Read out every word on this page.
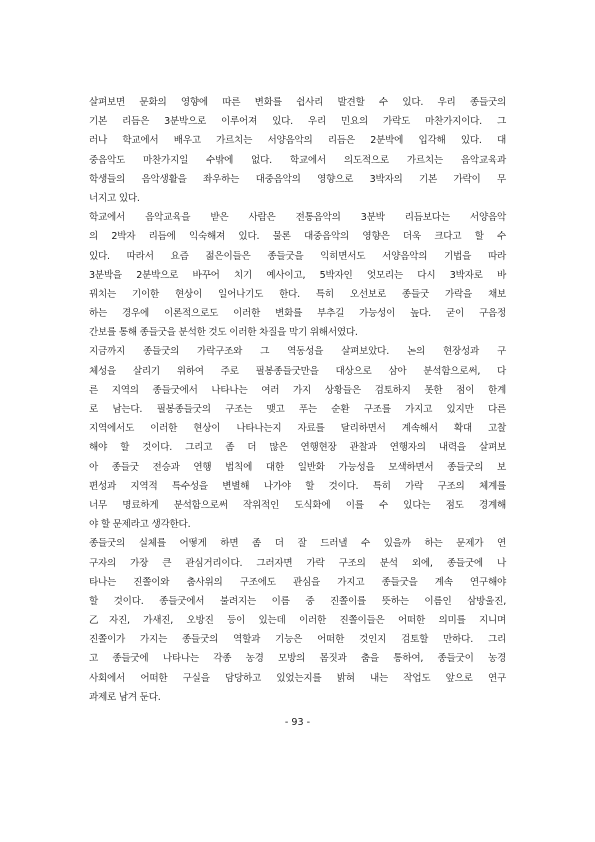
살펴보면 문화의 영향에 따른 변화를 쉽사리 발견할 수 있다. 우리 종들굿의
기본 리듬은 3분박으로 이루어져 있다. 우리 민요의 가락도 마찬가지이다. 그
러나 학교에서 배우고 가르치는 서양음악의 리듬은 2분박에 입각해 있다. 대
중음악도 마찬가지일 수밖에 없다. 학교에서 의도적으로 가르치는 음악교육과
학생들의 음악생활을 좌우하는 대중음악의 영향으로 3박자의 기본 가락이 무
너지고 있다.
학교에서 음악교육을 받은 사람은 전통음악의 3분박 리듬보다는 서양음악
의 2박자 리듬에 익숙해져 있다. 물론 대중음악의 영향은 더욱 크다고 할 수
있다. 따라서 요즘 젊은이들은 종들굿을 익히면서도 서양음악의 기법을 따라
3분박을 2분박으로 바꾸어 치기 예사이고, 5박자인 엇모리는 다시 3박자로 바
꿔치는 기이한 현상이 일어나기도 한다. 특히 오선보로 종들굿 가락을 채보
하는 경우에 이론적으로도 이러한 변화를 부추길 가능성이 높다. 굳이 구음정
간보를 통해 종들굿을 분석한 것도 이러한 차질을 막기 위해서였다.
지금까지 종들굿의 가락구조와 그 역동성을 살펴보았다. 논의 현장성과 구
체성을 살리기 위하여 주로 필봉종들굿만을 대상으로 삼아 분석함으로써, 다
른 지역의 종들굿에서 나타나는 여러 가지 상황들은 검토하지 못한 점이 한계
로 남는다. 필봉종들굿의 구조는 맺고 푸는 순환 구조를 가지고 있지만 다른
지역에서도 이러한 현상이 나타나는지 자료를 달리하면서 계속해서 확대 고찰
해야 할 것이다. 그리고 좀 더 많은 연행현장 관찰과 연행자의 내력을 살펴보
아 종들굿 전승과 연행 법칙에 대한 일반화 가능성을 모색하면서 종들굿의 보
편성과 지역적 특수성을 변별해 나가야 할 것이다. 특히 가락 구조의 체계를
너무 명료하게 분석함으로써 작위적인 도식화에 이를 수 있다는 점도 경계해
야 할 문제라고 생각한다.
종들굿의 실체를 어떻게 하면 좀 더 잘 드러낼 수 있을까 하는 문제가 연
구자의 가장 큰 관심거리이다. 그러자면 가락 구조의 분석 외에, 종들굿에 나
타나는 진쫄이와 춤사위의 구조에도 관심을 가지고 종들굿을 계속 연구해야
할 것이다. 종들굿에서 불려지는 이름 중 진쫄이를 뜻하는 이름인 삼방울진,
乙자진, 가새진, 오방진 등이 있는데 이러한 진쫄이들은 어떠한 의미를 지니며
진쫄이가 가지는 종들굿의 역할과 기능은 어떠한 것인지 검토할 만하다. 그리
고 종들굿에 나타나는 각종 농경 모방의 몸짓과 춤을 통하여, 종들굿이 농경
사회에서 어떠한 구실을 담당하고 있었는지를 밝혀 내는 작업도 앞으로 연구
과제로 남겨 둔다.
- 93 -
